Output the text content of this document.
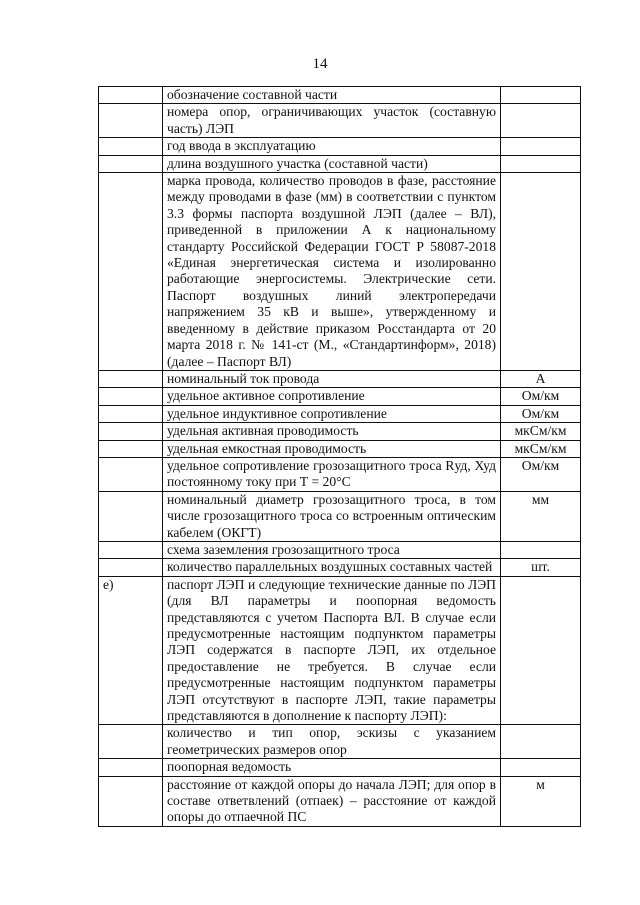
14
	обозначение составной части	
	номера опор, ограничивающих участок (составную часть) ЛЭП	
	год ввода в эксплуатацию	
	длина воздушного участка (составной части)	
	марка провода, количество проводов в фазе, расстояние между проводами в фазе (мм) в соответствии с пунктом 3.3 формы паспорта воздушной ЛЭП (далее – ВЛ), приведенной в приложении А к национальному стандарту Российской Федерации ГОСТ Р 58087-2018 «Единая энергетическая система и изолированно работающие энергосистемы. Электрические сети. Паспорт воздушных линий электропередачи напряжением 35 кВ и выше», утвержденному и введенному в действие приказом Росстандарта от 20 марта 2018 г. № 141-ст (М., «Стандартинформ», 2018) (далее – Паспорт ВЛ)	
	номинальный ток провода	А
	удельное активное сопротивление	Ом/км
	удельное индуктивное сопротивление	Ом/км
	удельная активная проводимость	мкСм/км
	удельная емкостная проводимость	мкСм/км
	удельное сопротивление грозозащитного троса Rуд, Худ постоянному току при Т = 20°С	Ом/км
	номинальный диаметр грозозащитного троса, в том числе грозозащитного троса со встроенным оптическим кабелем (ОКГТ)	мм
	схема заземления грозозащитного троса	
	количество параллельных воздушных составных частей	шт.
е)	паспорт ЛЭП и следующие технические данные по ЛЭП (для ВЛ параметры и поопорная ведомость представляются с учетом Паспорта ВЛ. В случае если предусмотренные настоящим подпунктом параметры ЛЭП содержатся в паспорте ЛЭП, их отдельное предоставление не требуется. В случае если предусмотренные настоящим подпунктом параметры ЛЭП отсутствуют в паспорте ЛЭП, такие параметры представляются в дополнение к паспорту ЛЭП):	
	количество и тип опор, эскизы с указанием геометрических размеров опор	
	поопорная ведомость	
	расстояние от каждой опоры до начала ЛЭП; для опор в составе ответвлений (отпаек) – расстояние от каждой опоры до отпаечной ПС	м
